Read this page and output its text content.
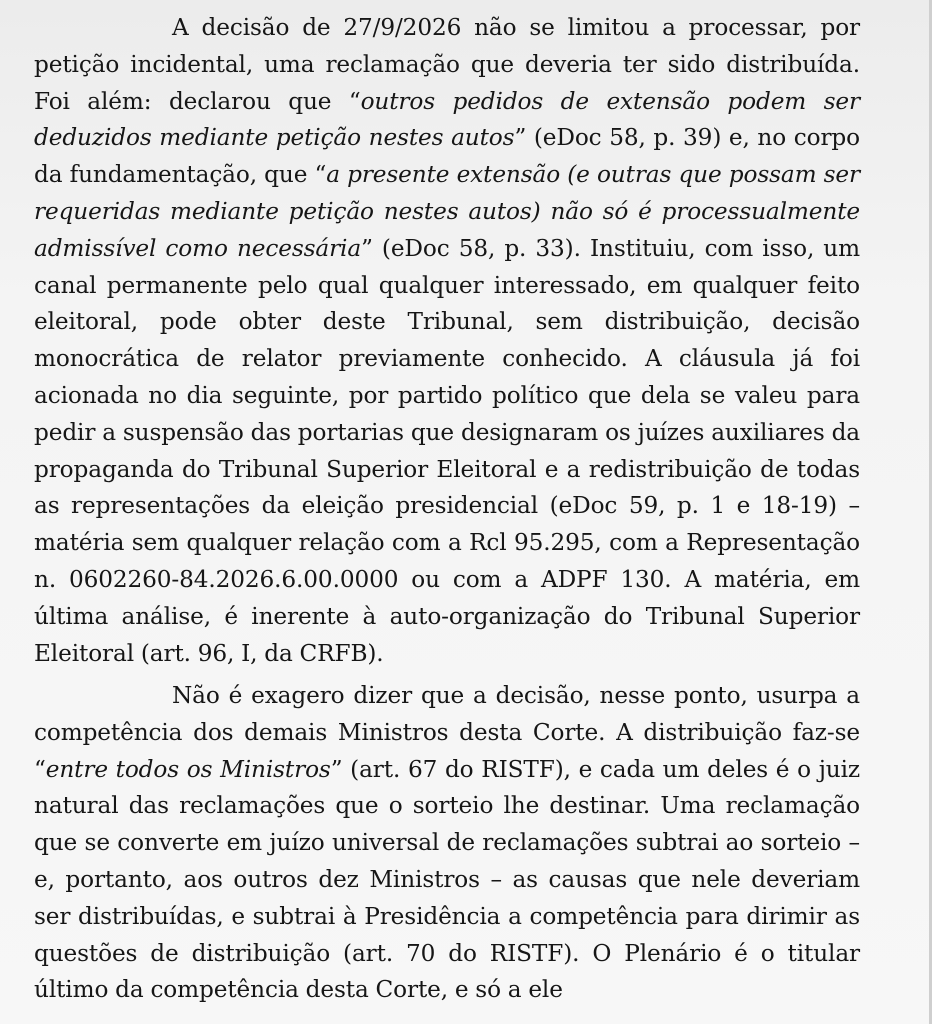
A decisão de 27/9/2026 não se limitou a processar, por petição incidental, uma reclamação que deveria ter sido distribuída. Foi além: declarou que “outros pedidos de extensão podem ser deduzidos mediante petição nestes autos” (eDoc 58, p. 39) e, no corpo da fundamentação, que “a presente extensão (e outras que possam ser requeridas mediante petição nestes autos) não só é processualmente admissível como necessária” (eDoc 58, p. 33). Instituiu, com isso, um canal permanente pelo qual qualquer interessado, em qualquer feito eleitoral, pode obter deste Tribunal, sem distribuição, decisão monocrática de relator previamente conhecido. A cláusula já foi acionada no dia seguinte, por partido político que dela se valeu para pedir a suspensão das portarias que designaram os juízes auxiliares da propaganda do Tribunal Superior Eleitoral e a redistribuição de todas as representações da eleição presidencial (eDoc 59, p. 1 e 18-19) – matéria sem qualquer relação com a Rcl 95.295, com a Representação n. 0602260-84.2026.6.00.0000 ou com a ADPF 130. A matéria, em última análise, é inerente à auto-organização do Tribunal Superior Eleitoral (art. 96, I, da CRFB).

Não é exagero dizer que a decisão, nesse ponto, usurpa a competência dos demais Ministros desta Corte. A distribuição faz-se “entre todos os Ministros” (art. 67 do RISTF), e cada um deles é o juiz natural das reclamações que o sorteio lhe destinar. Uma reclamação que se converte em juízo universal de reclamações subtrai ao sorteio – e, portanto, aos outros dez Ministros – as causas que nele deveriam ser distribuídas, e subtrai à Presidência a competência para dirimir as questões de distribuição (art. 70 do RISTF). O Plenário é o titular último da competência desta Corte, e só a ele
